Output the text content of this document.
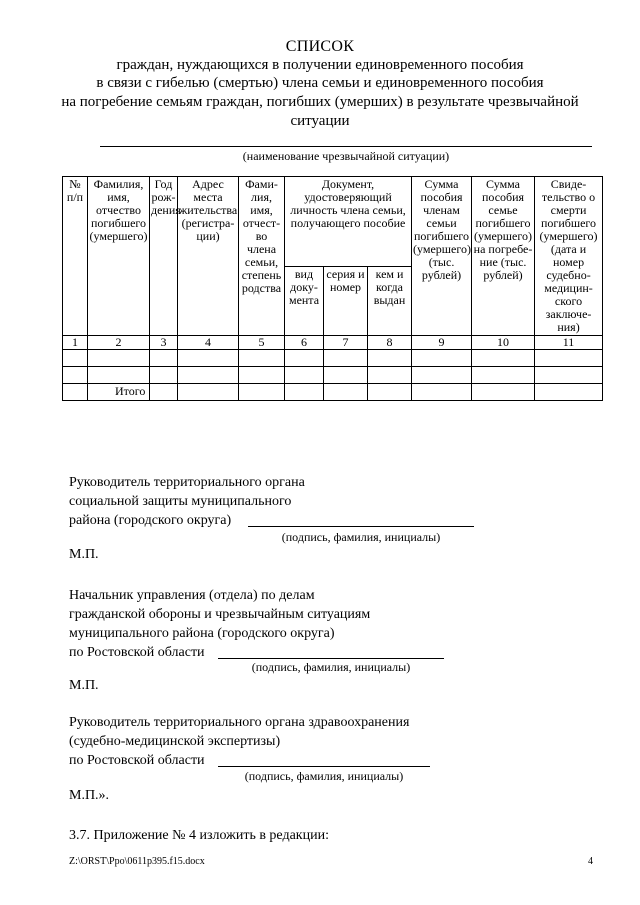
СПИСОК
граждан, нуждающихся в получении единовременного пособия
в связи с гибелью (смертью) члена семьи и единовременного пособия
на погребение семьям граждан, погибших (умерших) в результате чрезвычайной
ситуации
(наименование чрезвычайной ситуации)
№ п/п	Фамилия, имя, отчество погибшего (умершего)	Год рож-дения	Адрес места жительства (регистра-ции)	Фами-лия, имя, отчест-во члена семьи, степень родства	Документ, удостоверяющий личность члена семьи, получающего пособие			Сумма пособия членам семьи погибшего (умершего) (тыс. рублей)	Сумма пособия семье погибшего (умершего) на погребе-ние (тыс. рублей)	Свиде-тельство о смерти погибшего (умершего) (дата и номер судебно-медицин-ского заключе-ния)
					вид доку-мента	серия и номер	кем и когда выдан			
1	2	3	4	5	6	7	8	9	10	11

	Итого									
Руководитель территориального органа
социальной защиты муниципального
района (городского округа)
(подпись, фамилия, инициалы)
М.П.
Начальник управления (отдела) по делам
гражданской обороны и чрезвычайным ситуациям
муниципального района (городского округа)
по Ростовской области
(подпись, фамилия, инициалы)
М.П.
Руководитель территориального органа здравоохранения
(судебно-медицинской экспертизы)
по Ростовской области
(подпись, фамилия, инициалы)
М.П.».
3.7. Приложение № 4 изложить в редакции:
Z:\ORST\Ppo\0611p395.f15.docx	4
